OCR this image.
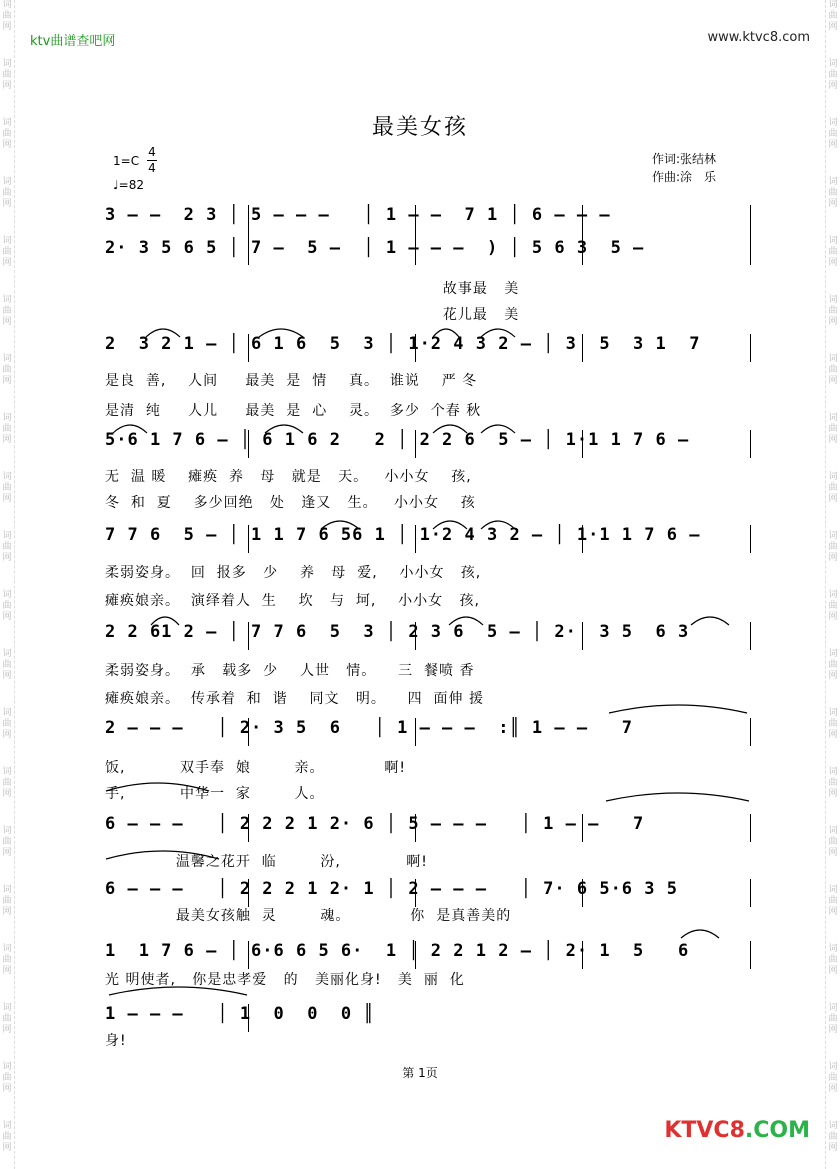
词
曲
网
词
曲
网
词
曲
网
词
曲
网
词
曲
网
词
曲
网
词
曲
网
词
曲
网
词
曲
网
词
曲
网
词
曲
网
词
曲
网
词
曲
网
词
曲
网
词
曲
网
词
曲
网
词
曲
网
词
曲
网
词
曲
网
词
曲
网
词
曲
网
词
曲
网
词
曲
网
词
曲
网
词
曲
网
词
曲
网
词
曲
网
词
曲
网
词
曲
网
词
曲
网
词
曲
网
词
曲
网
词
曲
网
词
曲
网
词
曲
网
词
曲
网
词
曲
网
词
曲
网
词
曲
网
词
曲
网
ktv曲谱查吧网	www.ktvc8.com
最美女孩
1=C
4
4
♩=82
作词:张结林
作曲:涂　乐
3 – –  2 3 │ 5 – – –   │ 1 – –  7 1 │ 6 – – –
2· 3 5 6 5 │ 7 –  5 –  │ 1 – – –  ) │ 5 6 3  5 –
故事最   美
花儿最   美
2  3 2 1 – │ 6 1 6  5  3 │ 1·2 4 3 2 – │ 3  5  3 1  7
是良  善,    人间     最美  是  情    真。  谁说    严 冬
是清  纯     人儿     最美  是  心    灵。  多少  个春 秋
5·6 1 7 6 – │ 6 1 6 2   2 │ 2 2 6  5 – │ 1·1 1 7 6 –
无  温 暖    瘫痪  养   母   就是   天。   小小女    孩,
冬  和  夏    多少回绝   处   逢又   生。   小小女    孩
7 7 6  5 – │ 1 1 7 6 56 1 │ 1·2 4 3 2 – │ 1·1 1 7 6 –
柔弱姿身。  回  报多   少    养   母  爱,    小小女   孩,
瘫痪娘亲。  演绎着人  生    坎   与  坷,    小小女   孩,
2 2 61 2 – │ 7 7 6  5  3 │ 2 3 6  5 – │ 2·  3 5  6 3
柔弱姿身。  承   载多  少    人世   情。    三  餐喷 香
瘫痪娘亲。  传承着  和  谐    同文   明。    四  面伸 援
2 – – –   │ 2· 3 5  6   │ 1 – – –  :║ 1 – –   7
饭,          双手奉  娘        亲。           啊!
手,          中华一  家        人。
6 – – –   │ 2 2 2 1 2· 6 │ 5 – – –   │ 1 – –   7
温馨之花开  临        汾,            啊!
6 – – –   │ 2 2 2 1 2· 1 │ 2 – – –   │ 7· 6 5·6 3 5
最美女孩触  灵        魂。           你  是真善美的
1  1 7 6 – │ 6·6 6 5 6·  1 │ 2 2 1 2 – │ 2· 1  5   6
光 明使者,   你是忠孝爱   的   美丽化身!   美  丽  化
1 – – –   │ 1  0  0  0 ║
身!
第 1页
KTVC8.COM
